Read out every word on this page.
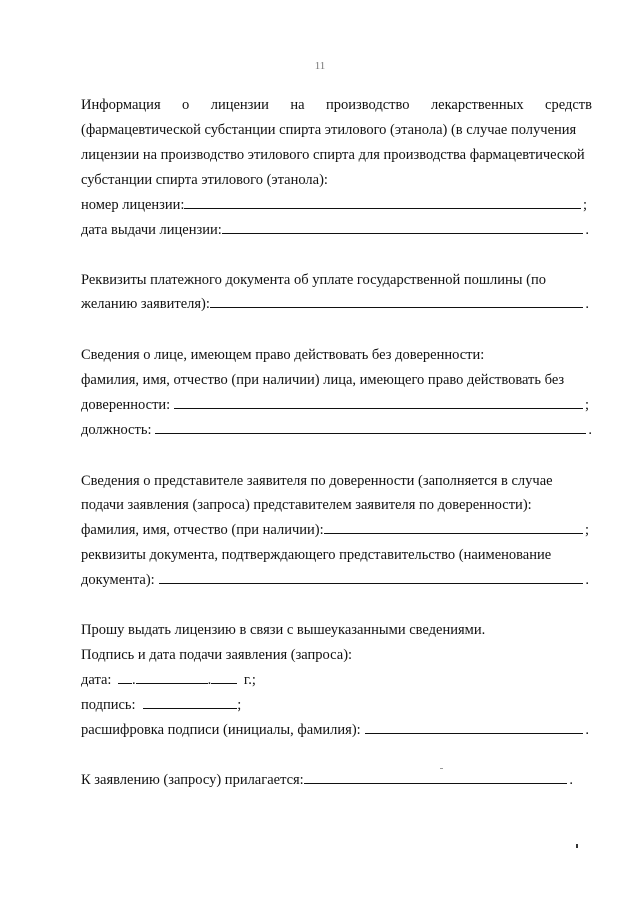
11
Информация о лицензии на производство лекарственных средств
(фармацевтической субстанции спирта этилового (этанола) (в случае получения
лицензии на производство этилового спирта для производства фармацевтической
субстанции спирта этилового (этанола):
номер лицензии:	;
дата выдачи лицензии:	.
Реквизиты платежного документа об уплате государственной пошлины (по
желанию заявителя):	.
Сведения о лице, имеющем право действовать без доверенности:
фамилия, имя, отчество (при наличии) лица, имеющего право действовать без
доверенности:	;
должность:	.
Сведения о представителе заявителя по доверенности (заполняется в случае
подачи заявления (запроса) представителем заявителя по доверенности):
фамилия, имя, отчество (при наличии):	;
реквизиты документа, подтверждающего представительство (наименование
документа):	.
Прошу выдать лицензию в связи с вышеуказанными сведениями.
Подпись и дата подачи заявления (запроса):
дата: .	. г.;
подпись:	;
расшифровка подписи (инициалы, фамилия):	.
К заявлению (запросу) прилагается:	.
